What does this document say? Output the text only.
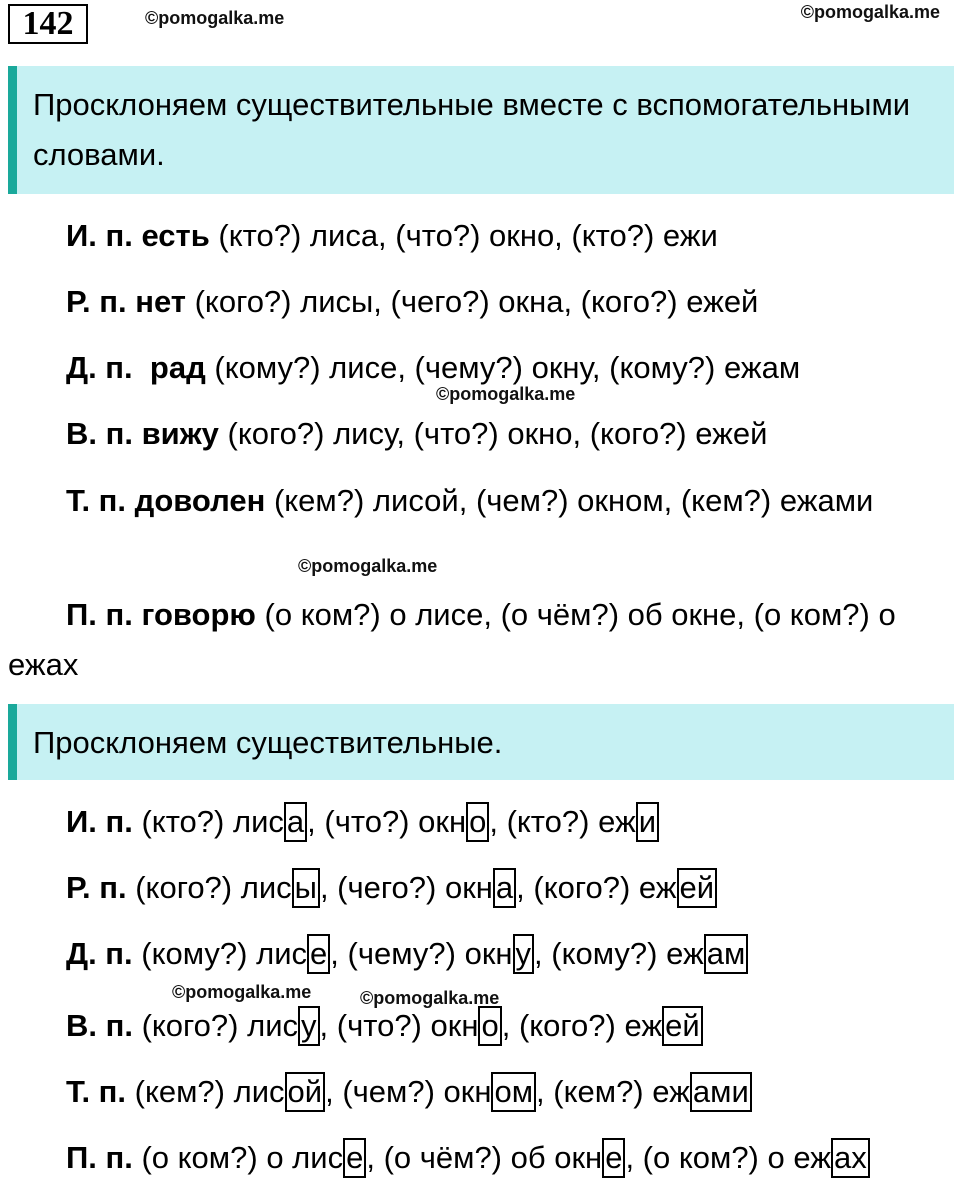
142	©pomogalka.me	©pomogalka.me
Просклоняем существительные вместе с вспомогательными словами.
И. п. есть (кто?) лиса, (что?) окно, (кто?) ежи
Р. п. нет (кого?) лисы, (чего?) окна, (кого?) ежей
Д. п. рад (кому?) лисе, (чему?) окну, (кому?) ежам
©pomogalka.me
В. п. вижу (кого?) лису, (что?) окно, (кого?) ежей
Т. п. доволен (кем?) лисой, (чем?) окном, (кем?) ежами
©pomogalka.me
П. п. говорю (о ком?) о лисе, (о чём?) об окне, (о ком?) о ежах
Просклоняем существительные.
И. п. (кто?) лиса, (что?) окно, (кто?) ежи
Р. п. (кого?) лисы, (чего?) окна, (кого?) ежей
Д. п. (кому?) лисе, (чему?) окну, (кому?) ежам
©pomogalka.me	©pomogalka.me
В. п. (кого?) лису, (что?) окно, (кого?) ежей
Т. п. (кем?) лисой, (чем?) окном, (кем?) ежами
П. п. (о ком?) о лисе, (о чём?) об окне, (о ком?) о ежах
